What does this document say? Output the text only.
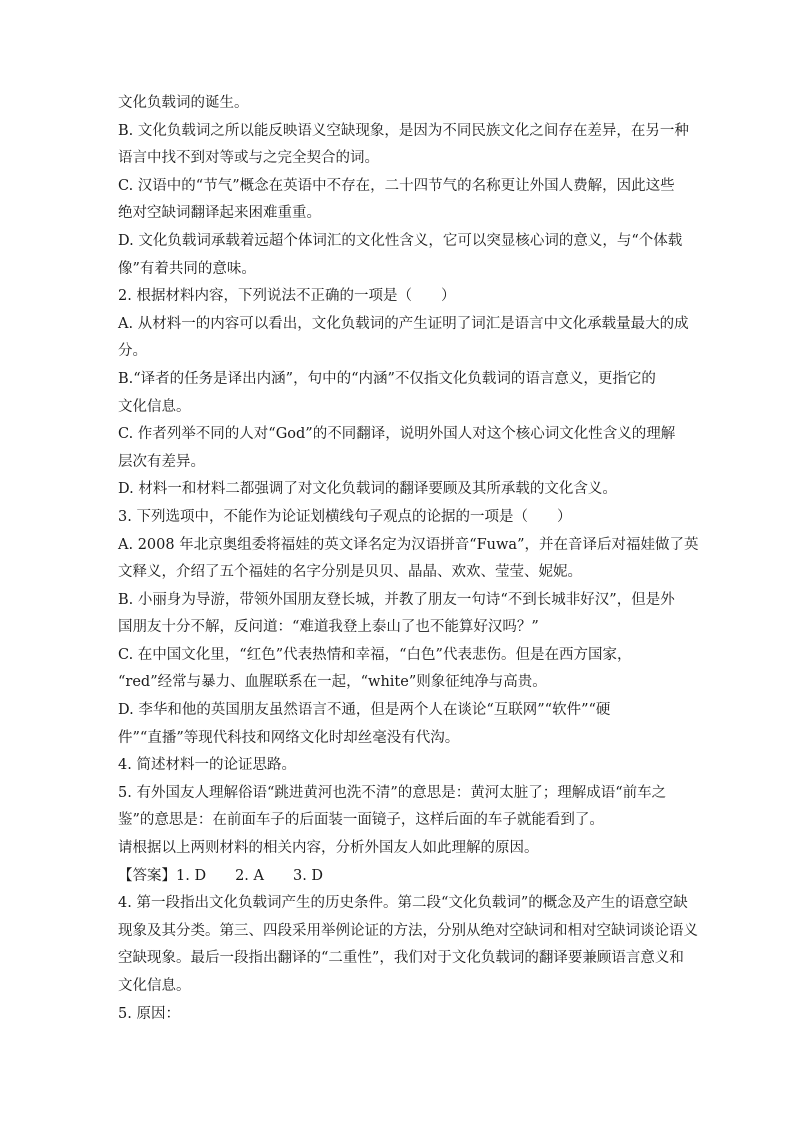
文化负载词的诞生。
B. 文化负载词之所以能反映语义空缺现象，是因为不同民族文化之间存在差异，在另一种
语言中找不到对等或与之完全契合的词。
C. 汉语中的“节气”概念在英语中不存在，二十四节气的名称更让外国人费解，因此这些
绝对空缺词翻译起来困难重重。
D. 文化负载词承载着远超个体词汇的文化性含义，它可以突显核心词的意义，与“个体载
像”有着共同的意味。
2. 根据材料内容，下列说法不正确的一项是（　　）
A. 从材料一的内容可以看出，文化负载词的产生证明了词汇是语言中文化承载量最大的成
分。
B.“译者的任务是译出内涵”，句中的“内涵”不仅指文化负载词的语言意义，更指它的
文化信息。
C. 作者列举不同的人对“God”的不同翻译，说明外国人对这个核心词文化性含义的理解
层次有差异。
D. 材料一和材料二都强调了对文化负载词的翻译要顾及其所承载的文化含义。
3. 下列选项中，不能作为论证划横线句子观点的论据的一项是（　　）
A. 2008 年北京奥组委将福娃的英文译名定为汉语拼音“Fuwa”，并在音译后对福娃做了英
文释义，介绍了五个福娃的名字分别是贝贝、晶晶、欢欢、莹莹、妮妮。
B. 小丽身为导游，带领外国朋友登长城，并教了朋友一句诗“不到长城非好汉”，但是外
国朋友十分不解，反问道：“难道我登上泰山了也不能算好汉吗？”
C. 在中国文化里，“红色”代表热情和幸福，“白色”代表悲伤。但是在西方国家，
“red”经常与暴力、血腥联系在一起，“white”则象征纯净与高贵。
D. 李华和他的英国朋友虽然语言不通，但是两个人在谈论“互联网”“软件”“硬
件”“直播”等现代科技和网络文化时却丝毫没有代沟。
4. 简述材料一的论证思路。
5. 有外国友人理解俗语“跳进黄河也洗不清”的意思是：黄河太脏了；理解成语“前车之
鉴”的意思是：在前面车子的后面装一面镜子，这样后面的车子就能看到了。
请根据以上两则材料的相关内容，分析外国友人如此理解的原因。
【答案】1. D　　2. A　　3. D
4. 第一段指出文化负载词产生的历史条件。第二段“文化负载词”的概念及产生的语意空缺
现象及其分类。第三、四段采用举例论证的方法，分别从绝对空缺词和相对空缺词谈论语义
空缺现象。最后一段指出翻译的“二重性”，我们对于文化负载词的翻译要兼顾语言意义和
文化信息。
5. 原因：
